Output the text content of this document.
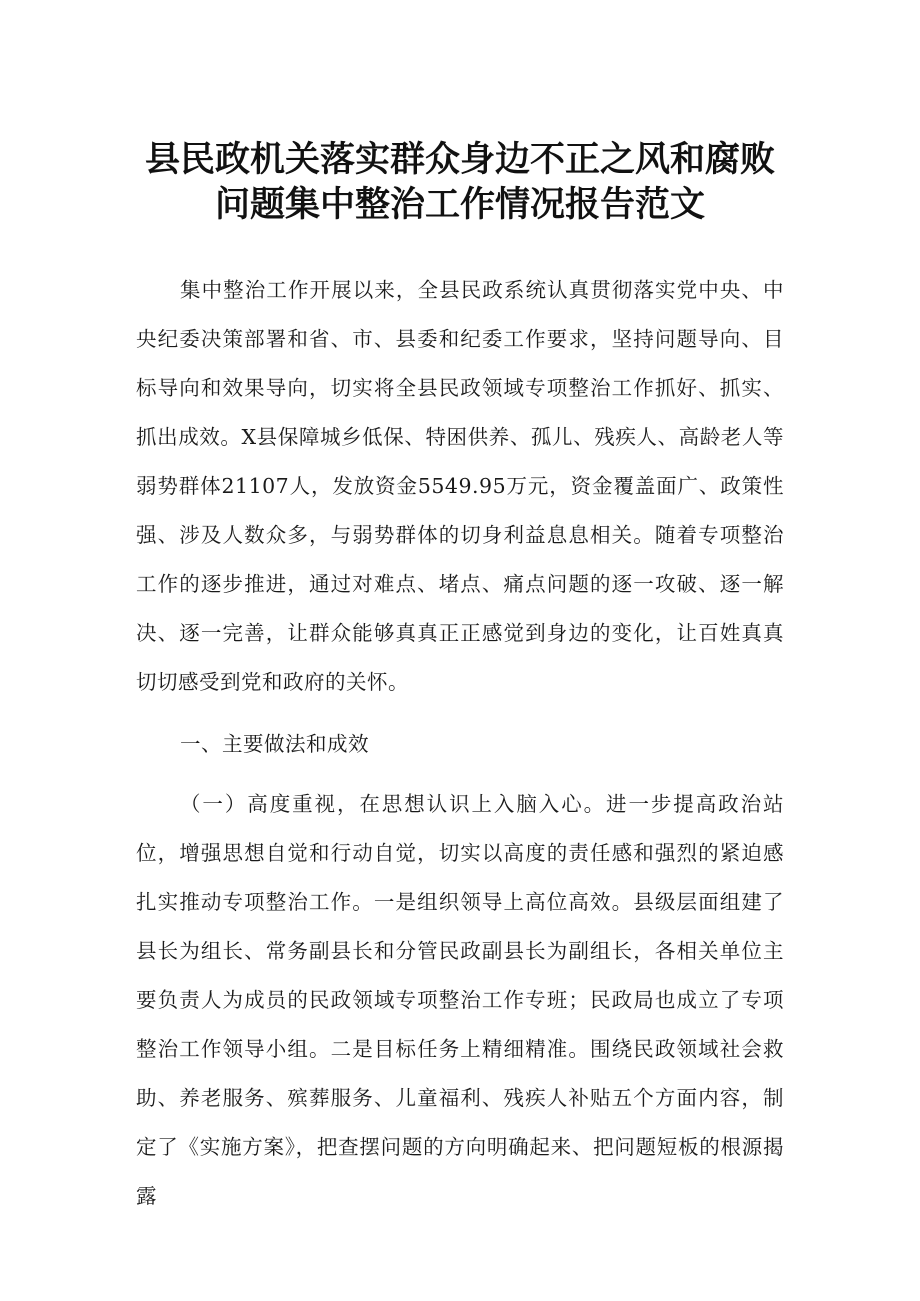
县民政机关落实群众身边不正之风和腐败
问题集中整治工作情况报告范文

集中整治工作开展以来，全县民政系统认真贯彻落实党中央、中央纪委决策部署和省、市、县委和纪委工作要求，坚持问题导向、目标导向和效果导向，切实将全县民政领域专项整治工作抓好、抓实、抓出成效。X县保障城乡低保、特困供养、孤儿、残疾人、高龄老人等弱势群体21107人，发放资金5549.95万元，资金覆盖面广、政策性强、涉及人数众多，与弱势群体的切身利益息息相关。随着专项整治工作的逐步推进，通过对难点、堵点、痛点问题的逐一攻破、逐一解决、逐一完善，让群众能够真真正正感觉到身边的变化，让百姓真真切切感受到党和政府的关怀。

一、主要做法和成效

（一）高度重视，在思想认识上入脑入心。进一步提高政治站位，增强思想自觉和行动自觉，切实以高度的责任感和强烈的紧迫感扎实推动专项整治工作。一是组织领导上高位高效。县级层面组建了县长为组长、常务副县长和分管民政副县长为副组长，各相关单位主要负责人为成员的民政领域专项整治工作专班；民政局也成立了专项整治工作领导小组。二是目标任务上精细精准。围绕民政领域社会救助、养老服务、殡葬服务、儿童福利、残疾人补贴五个方面内容，制定了《实施方案》，把查摆问题的方向明确起来、把问题短板的根源揭露
